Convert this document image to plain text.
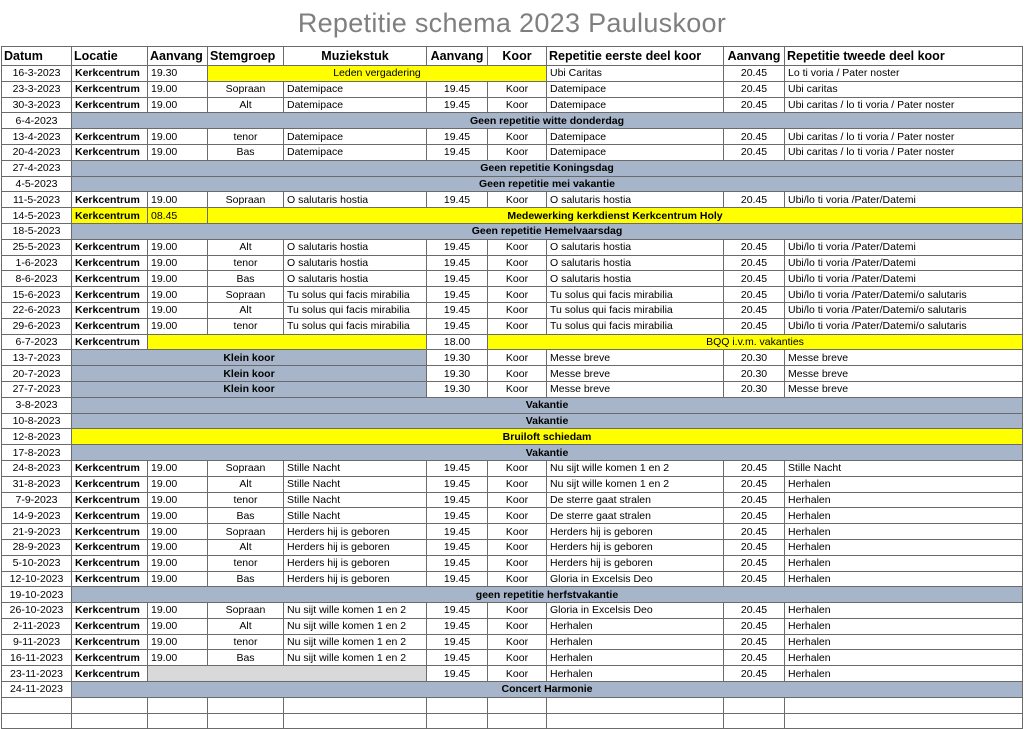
Repetitie schema 2023 Pauluskoor
Datum	Locatie	Aanvang	Stemgroep	Muziekstuk	Aanvang	Koor	Repetitie eerste deel koor	Aanvang	Repetitie tweede deel koor
16-3-2023	Kerkcentrum	19.30	Leden vergadering				Ubi Caritas	20.45	Lo ti voria / Pater noster
23-3-2023	Kerkcentrum	19.00	Sopraan	Datemipace	19.45	Koor	Datemipace	20.45	Ubi caritas
30-3-2023	Kerkcentrum	19.00	Alt	Datemipace	19.45	Koor	Datemipace	20.45	Ubi caritas / lo ti voria / Pater noster
6-4-2023	Geen repetitie witte donderdag								
13-4-2023	Kerkcentrum	19.00	tenor	Datemipace	19.45	Koor	Datemipace	20.45	Ubi caritas / lo ti voria / Pater noster
20-4-2023	Kerkcentrum	19.00	Bas	Datemipace	19.45	Koor	Datemipace	20.45	Ubi caritas / lo ti voria / Pater noster
27-4-2023	Geen repetitie Koningsdag								
4-5-2023	Geen repetitie mei vakantie								
11-5-2023	Kerkcentrum	19.00	Sopraan	O salutaris hostia	19.45	Koor	O salutaris hostia	20.45	Ubi/lo ti voria /Pater/Datemi
14-5-2023	Kerkcentrum	08.45	Medewerking kerkdienst Kerkcentrum Holy						
18-5-2023	Geen repetitie Hemelvaarsdag								
25-5-2023	Kerkcentrum	19.00	Alt	O salutaris hostia	19.45	Koor	O salutaris hostia	20.45	Ubi/lo ti voria /Pater/Datemi
1-6-2023	Kerkcentrum	19.00	tenor	O salutaris hostia	19.45	Koor	O salutaris hostia	20.45	Ubi/lo ti voria /Pater/Datemi
8-6-2023	Kerkcentrum	19.00	Bas	O salutaris hostia	19.45	Koor	O salutaris hostia	20.45	Ubi/lo ti voria /Pater/Datemi
15-6-2023	Kerkcentrum	19.00	Sopraan	Tu solus qui facis mirabilia	19.45	Koor	Tu solus qui facis mirabilia	20.45	Ubi/lo ti voria /Pater/Datemi/o salutaris
22-6-2023	Kerkcentrum	19.00	Alt	Tu solus qui facis mirabilia	19.45	Koor	Tu solus qui facis mirabilia	20.45	Ubi/lo ti voria /Pater/Datemi/o salutaris
29-6-2023	Kerkcentrum	19.00	tenor	Tu solus qui facis mirabilia	19.45	Koor	Tu solus qui facis mirabilia	20.45	Ubi/lo ti voria /Pater/Datemi/o salutaris
6-7-2023	Kerkcentrum				18.00	BQQ i.v.m. vakanties			
13-7-2023	Klein koor				19.30	Koor	Messe breve	20.30	Messe breve
20-7-2023	Klein koor				19.30	Koor	Messe breve	20.30	Messe breve
27-7-2023	Klein koor				19.30	Koor	Messe breve	20.30	Messe breve
3-8-2023	Vakantie								
10-8-2023	Vakantie								
12-8-2023	Bruiloft schiedam								
17-8-2023	Vakantie								
24-8-2023	Kerkcentrum	19.00	Sopraan	Stille Nacht	19.45	Koor	Nu sijt wille komen 1 en 2	20.45	Stille Nacht
31-8-2023	Kerkcentrum	19.00	Alt	Stille Nacht	19.45	Koor	Nu sijt wille komen 1 en 2	20.45	Herhalen
7-9-2023	Kerkcentrum	19.00	tenor	Stille Nacht	19.45	Koor	De sterre gaat stralen	20.45	Herhalen
14-9-2023	Kerkcentrum	19.00	Bas	Stille Nacht	19.45	Koor	De sterre gaat stralen	20.45	Herhalen
21-9-2023	Kerkcentrum	19.00	Sopraan	Herders hij is geboren	19.45	Koor	Herders hij is geboren	20.45	Herhalen
28-9-2023	Kerkcentrum	19.00	Alt	Herders hij is geboren	19.45	Koor	Herders hij is geboren	20.45	Herhalen
5-10-2023	Kerkcentrum	19.00	tenor	Herders hij is geboren	19.45	Koor	Herders hij is geboren	20.45	Herhalen
12-10-2023	Kerkcentrum	19.00	Bas	Herders hij is geboren	19.45	Koor	Gloria in Excelsis Deo	20.45	Herhalen
19-10-2023	geen repetitie herfstvakantie								
26-10-2023	Kerkcentrum	19.00	Sopraan	Nu sijt wille komen 1 en 2	19.45	Koor	Gloria in Excelsis Deo	20.45	Herhalen
2-11-2023	Kerkcentrum	19.00	Alt	Nu sijt wille komen 1 en 2	19.45	Koor	Herhalen	20.45	Herhalen
9-11-2023	Kerkcentrum	19.00	tenor	Nu sijt wille komen 1 en 2	19.45	Koor	Herhalen	20.45	Herhalen
16-11-2023	Kerkcentrum	19.00	Bas	Nu sijt wille komen 1 en 2	19.45	Koor	Herhalen	20.45	Herhalen
23-11-2023	Kerkcentrum				19.45	Koor	Herhalen	20.45	Herhalen
24-11-2023	Concert Harmonie								
